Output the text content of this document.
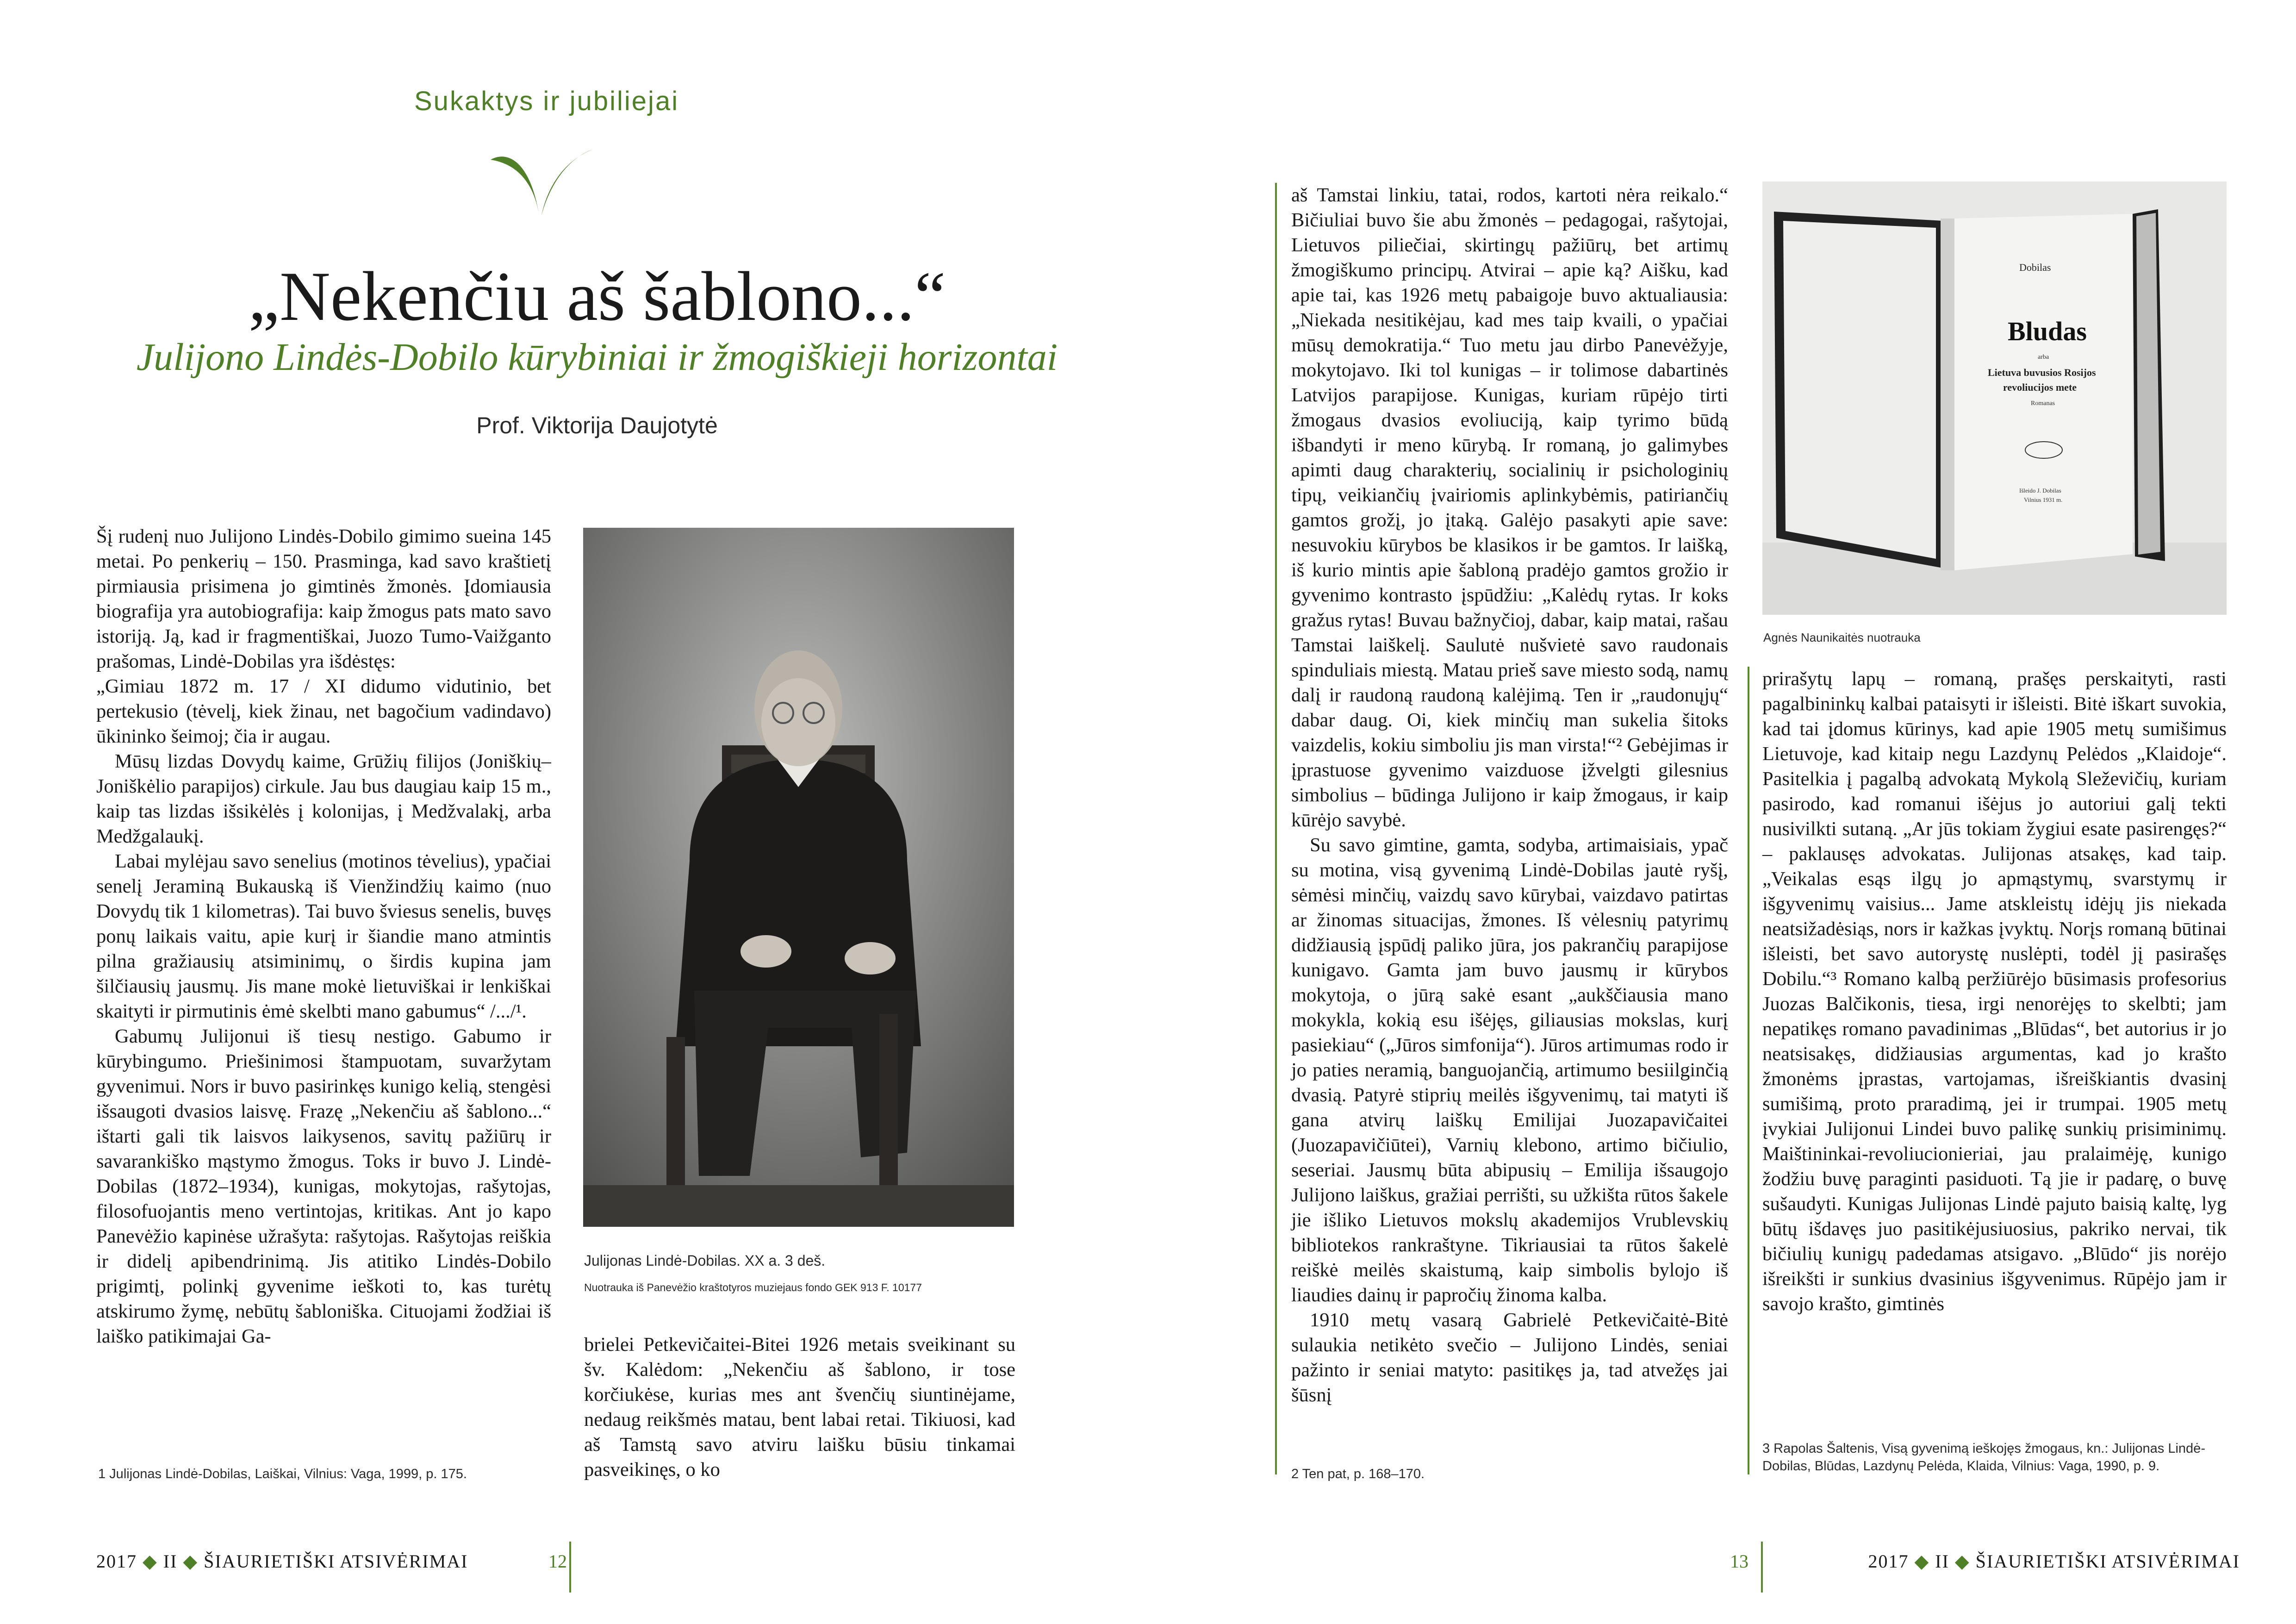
Sukaktys ir jubiliejai
„Nekenčiu aš šablono...“
Julijono Lindės-Dobilo kūrybiniai ir žmogiškieji horizontai
Prof. Viktorija Daujotytė

Šį rudenį nuo Julijono Lindės-Dobilo gimimo sueina 145 metai. Po penkerių – 150. Prasminga, kad savo kraštietį pirmiausia prisimena jo gimtinės žmonės. Įdomiausia biografija yra autobiografija: kaip žmogus pats mato savo istoriją. Ją, kad ir fragmentiškai, Juozo Tumo-Vaižganto prašomas, Lindė-Dobilas yra išdėstęs:

„Gimiau 1872 m. 17 / XI didumo vidutinio, bet pertekusio (tėvelį, kiek žinau, net bagočium vadindavo) ūkininko šeimoj; čia ir augau.

Mūsų lizdas Dovydų kaime, Grūžių filijos (Joniškių–Joniškėlio parapijos) cirkule. Jau bus daugiau kaip 15 m., kaip tas lizdas išsikėlės į kolonijas, į Medžvalakį, arba Medžgalaukį.

Labai mylėjau savo senelius (motinos tėvelius), ypačiai senelį Jeraminą Bukauską iš Vienžindžių kaimo (nuo Dovydų tik 1 kilometras). Tai buvo šviesus senelis, buvęs ponų laikais vaitu, apie kurį ir šiandie mano atmintis pilna gražiausių atsiminimų, o širdis kupina jam šilčiausių jausmų. Jis mane mokė lietuviškai ir lenkiškai skaityti ir pirmutinis ėmė skelbti mano gabumus“ /.../¹.

Gabumų Julijonui iš tiesų nestigo. Gabumo ir kūrybingumo. Priešinimosi štampuotam, suvaržytam gyvenimui. Nors ir buvo pasirinkęs kunigo kelią, stengėsi išsaugoti dvasios laisvę. Frazę „Nekenčiu aš šablono...“ ištarti gali tik laisvos laikysenos, savitų pažiūrų ir savarankiško mąstymo žmogus. Toks ir buvo J. Lindė-Dobilas (1872–1934), kunigas, mokytojas, rašytojas, filosofuojantis meno vertintojas, kritikas. Ant jo kapo Panevėžio kapinėse užrašyta: rašytojas. Rašytojas reiškia ir didelį apibendrinimą. Jis atitiko Lindės-Dobilo prigimtį, polinkį gyvenime ieškoti to, kas turėtų atskirumo žymę, nebūtų šabloniška. Cituojami žodžiai iš laiško patikimajai Ga-

1 Julijonas Lindė-Dobilas, Laiškai, Vilnius: Vaga, 1999, p. 175.
Julijonas Lindė-Dobilas. XX a. 3 deš.
Nuotrauka iš Panevėžio kraštotyros muziejaus fondo GEK 913 F. 10177

brielei Petkevičaitei-Bitei 1926 metais sveikinant su šv. Kalėdom: „Nekenčiu aš šablono, ir tose korčiukėse, kurias mes ant švenčių siuntinėjame, nedaug reikšmės matau, bent labai retai. Tikiuosi, kad aš Tamstą savo atviru laišku būsiu tinkamai pasveikinęs, o ko

2017 ◆ II ◆ ŠIAURIETIŠKI ATSIVĖRIMAI	12

aš Tamstai linkiu, tatai, rodos, kartoti nėra reikalo.“ Bičiuliai buvo šie abu žmonės – pedagogai, rašytojai, Lietuvos piliečiai, skirtingų pažiūrų, bet artimų žmogiškumo principų. Atvirai – apie ką? Aišku, kad apie tai, kas 1926 metų pabaigoje buvo aktualiausia: „Niekada nesitikėjau, kad mes taip kvaili, o ypačiai mūsų demokratija.“ Tuo metu jau dirbo Panevėžyje, mokytojavo. Iki tol kunigas – ir tolimose dabartinės Latvijos parapijose. Kunigas, kuriam rūpėjo tirti žmogaus dvasios evoliuciją, kaip tyrimo būdą išbandyti ir meno kūrybą. Ir romaną, jo galimybes apimti daug charakterių, socialinių ir psichologinių tipų, veikiančių įvairiomis aplinkybėmis, patiriančių gamtos grožį, jo įtaką. Galėjo pasakyti apie save: nesuvokiu kūrybos be klasikos ir be gamtos. Ir laišką, iš kurio mintis apie šabloną pradėjo gamtos grožio ir gyvenimo kontrasto įspūdžiu: „Kalėdų rytas. Ir koks gražus rytas! Buvau bažnyčioj, dabar, kaip matai, rašau Tamstai laiškelį. Saulutė nušvietė savo raudonais spinduliais miestą. Matau prieš save miesto sodą, namų dalį ir raudoną raudoną kalėjimą. Ten ir „raudonųjų“ dabar daug. Oi, kiek minčių man sukelia šitoks vaizdelis, kokiu simboliu jis man virsta!“² Gebėjimas ir įprastuose gyvenimo vaizduose įžvelgti gilesnius simbolius – būdinga Julijono ir kaip žmogaus, ir kaip kūrėjo savybė.

Su savo gimtine, gamta, sodyba, artimaisiais, ypač su motina, visą gyvenimą Lindė-Dobilas jautė ryšį, sėmėsi minčių, vaizdų savo kūrybai, vaizdavo patirtas ar žinomas situacijas, žmones. Iš vėlesnių patyrimų didžiausią įspūdį paliko jūra, jos pakrančių parapijose kunigavo. Gamta jam buvo jausmų ir kūrybos mokytoja, o jūrą sakė esant „aukščiausia mano mokykla, kokią esu išėjęs, giliausias mokslas, kurį pasiekiau“ („Jūros simfonija“). Jūros artimumas rodo ir jo paties neramią, banguojančią, artimumo besiilginčią dvasią. Patyrė stiprių meilės išgyvenimų, tai matyti iš gana atvirų laiškų Emilijai Juozapavičaitei (Juozapavičiūtei), Varnių klebono, artimo bičiulio, seseriai. Jausmų būta abipusių – Emilija išsaugojo Julijono laiškus, gražiai perrišti, su užkišta rūtos šakele jie išliko Lietuvos mokslų akademijos Vrublevskių bibliotekos rankraštyne. Tikriausiai ta rūtos šakelė reiškė meilės skaistumą, kaip simbolis bylojo iš liaudies dainų ir papročių žinoma kalba.

1910 metų vasarą Gabrielė Petkevičaitė-Bitė sulaukia netikėto svečio – Julijono Lindės, seniai pažinto ir seniai matyto: pasitikęs ja, tad atvežęs jai šūsnį

2 Ten pat, p. 168–170.
Dobilas
Bludas
arba
Lietuva buvusios Rosijos
revoliucijos mete
Romanas
Išleido J. Dobilas
Vilnius 1931 m.
Agnės Naunikaitės nuotrauka

prirašytų lapų – romaną, prašęs perskaityti, rasti pagalbininkų kalbai pataisyti ir išleisti. Bitė iškart suvokia, kad tai įdomus kūrinys, kad apie 1905 metų sumišimus Lietuvoje, kad kitaip negu Lazdynų Pelėdos „Klaidoje“. Pasitelkia į pagalbą advokatą Mykolą Sleževičių, kuriam pasirodo, kad romanui išėjus jo autoriui galį tekti nusivilkti sutaną. „Ar jūs tokiam žygiui esate pasirengęs?“ – paklausęs advokatas. Julijonas atsakęs, kad taip. „Veikalas esąs ilgų jo apmąstymų, svarstymų ir išgyvenimų vaisius... Jame atskleistų idėjų jis niekada neatsižadėsiąs, nors ir kažkas įvyktų. Norįs romaną būtinai išleisti, bet savo autorystę nuslėpti, todėl jį pasirašęs Dobilu.“³ Romano kalbą peržiūrėjo būsimasis profesorius Juozas Balčikonis, tiesa, irgi nenorėjęs to skelbti; jam nepatikęs romano pavadinimas „Blūdas“, bet autorius ir jo neatsisakęs, didžiausias argumentas, kad jo krašto žmonėms įprastas, vartojamas, išreiškiantis dvasinį sumišimą, proto praradimą, jei ir trumpai. 1905 metų įvykiai Julijonui Lindei buvo palikę sunkių prisiminimų. Maištininkai-revoliucionieriai, jau pralaimėję, kunigo žodžiu buvę paraginti pasiduoti. Tą jie ir padarę, o buvę sušaudyti. Kunigas Julijonas Lindė pajuto baisią kaltę, lyg būtų išdavęs juo pasitikėjusiuosius, pakriko nervai, tik bičiulių kunigų padedamas atsigavo. „Blūdo“ jis norėjo išreikšti ir sunkius dvasinius išgyvenimus. Rūpėjo jam ir savojo krašto, gimtinės

3 Rapolas Šaltenis, Visą gyvenimą ieškojęs žmogaus, kn.: Julijonas Lindė-Dobilas, Blūdas, Lazdynų Pelėda, Klaida, Vilnius: Vaga, 1990, p. 9.
13	2017 ◆ II ◆ ŠIAURIETIŠKI ATSIVĖRIMAI
